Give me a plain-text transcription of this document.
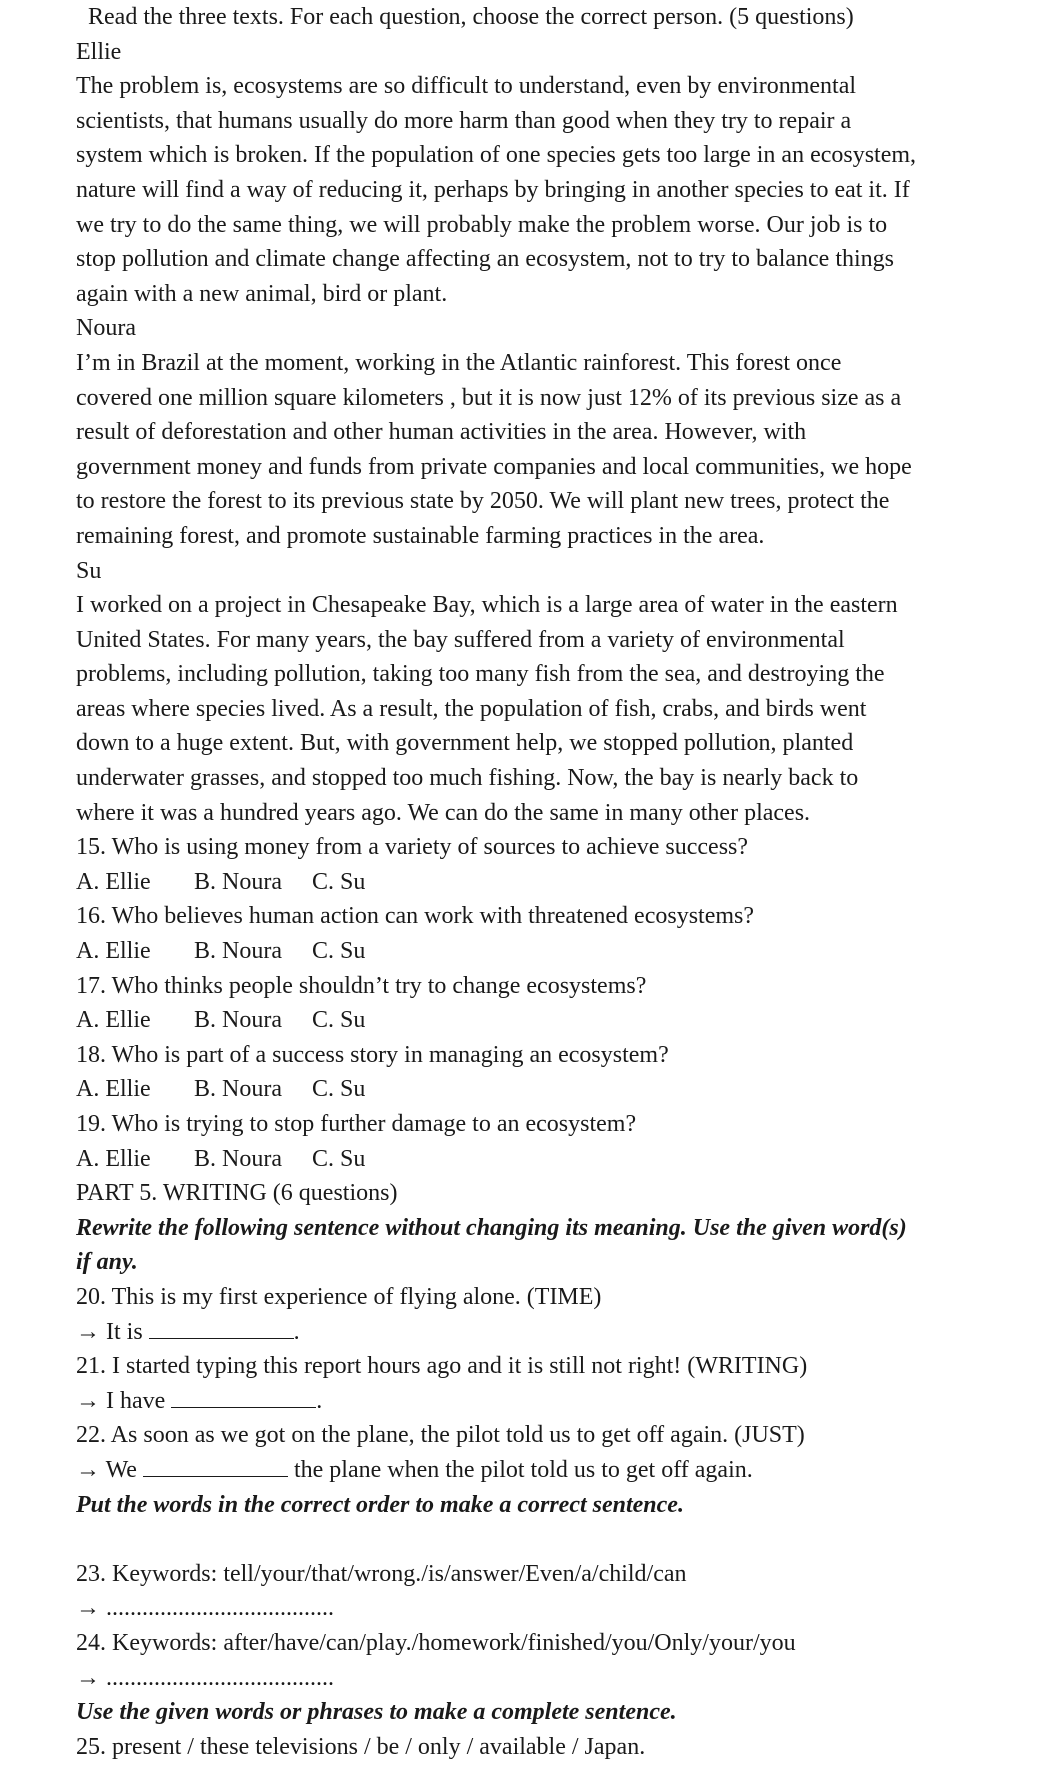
Read the three texts. For each question, choose the correct person. (5 questions)
Ellie
The problem is, ecosystems are so difficult to understand, even by environmental
scientists, that humans usually do more harm than good when they try to repair a
system which is broken. If the population of one species gets too large in an ecosystem,
nature will find a way of reducing it, perhaps by bringing in another species to eat it. If
we try to do the same thing, we will probably make the problem worse. Our job is to
stop pollution and climate change affecting an ecosystem, not to try to balance things
again with a new animal, bird or plant.
Noura
I’m in Brazil at the moment, working in the Atlantic rainforest. This forest once
covered one million square kilometers , but it is now just 12% of its previous size as a
result of deforestation and other human activities in the area. However, with
government money and funds from private companies and local communities, we hope
to restore the forest to its previous state by 2050. We will plant new trees, protect the
remaining forest, and promote sustainable farming practices in the area.
Su
I worked on a project in Chesapeake Bay, which is a large area of water in the eastern
United States. For many years, the bay suffered from a variety of environmental
problems, including pollution, taking too many fish from the sea, and destroying the
areas where species lived. As a result, the population of fish, crabs, and birds went
down to a huge extent. But, with government help, we stopped pollution, planted
underwater grasses, and stopped too much fishing. Now, the bay is nearly back to
where it was a hundred years ago. We can do the same in many other places.
15. Who is using money from a variety of sources to achieve success?
A. Ellie B. Noura C. Su
16. Who believes human action can work with threatened ecosystems?
A. Ellie B. Noura C. Su
17. Who thinks people shouldn’t try to change ecosystems?
A. Ellie B. Noura C. Su
18. Who is part of a success story in managing an ecosystem?
A. Ellie B. Noura C. Su
19. Who is trying to stop further damage to an ecosystem?
A. Ellie B. Noura C. Su
PART 5. WRITING (6 questions)
Rewrite the following sentence without changing its meaning. Use the given word(s)
if any.
20. This is my first experience of flying alone. (TIME)
→ It is	.
21. I started typing this report hours ago and it is still not right! (WRITING)
→ I have	.
22. As soon as we got on the plane, the pilot told us to get off again. (JUST)
→ We	the plane when the pilot told us to get off again.
Put the words in the correct order to make a correct sentence.
23. Keywords: tell/your/that/wrong./is/answer/Even/a/child/can
→ ......................................
24. Keywords: after/have/can/play./homework/finished/you/Only/your/you
→ ......................................
Use the given words or phrases to make a complete sentence.
25. present / these televisions / be / only / available / Japan.
